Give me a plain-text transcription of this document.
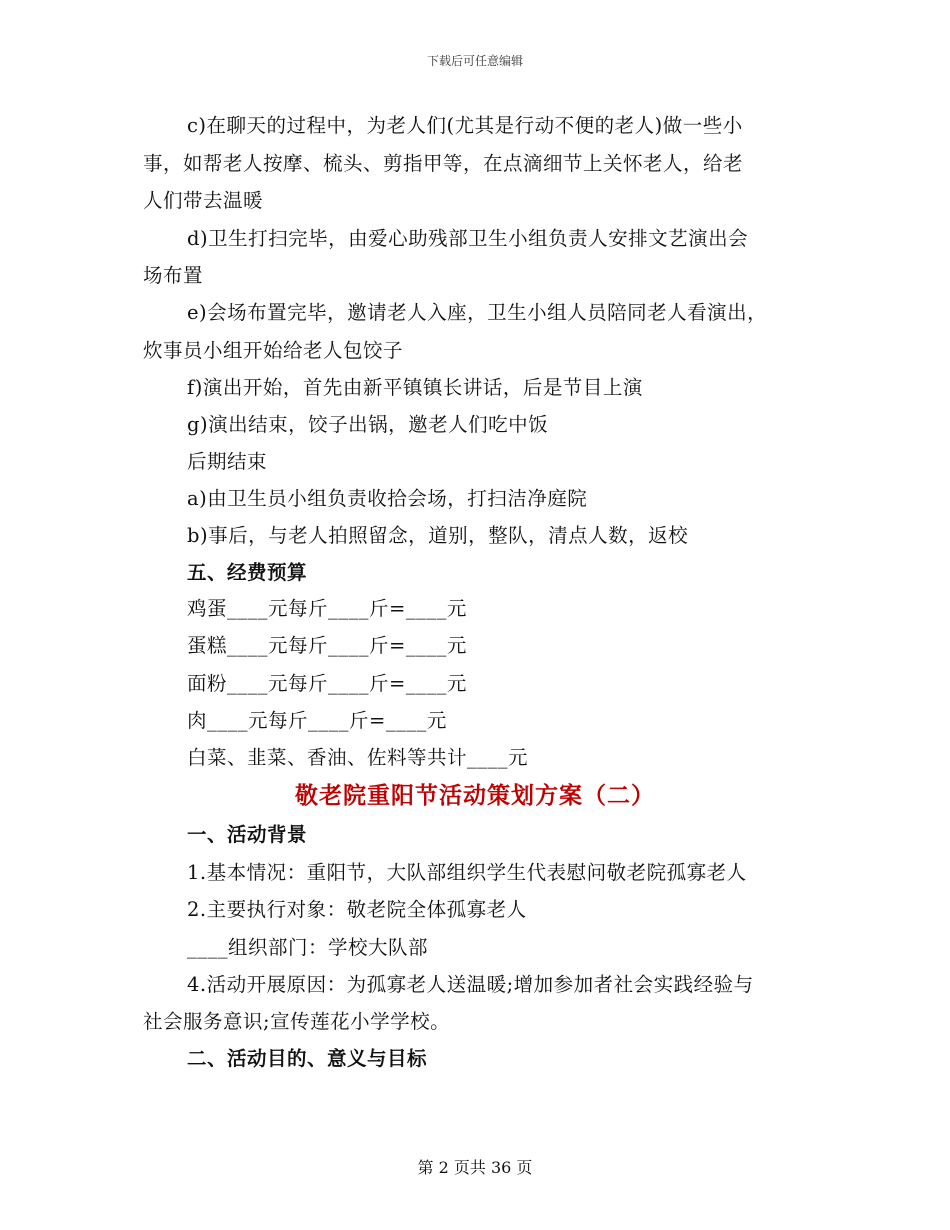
下载后可任意编辑
c)在聊天的过程中，为老人们(尤其是行动不便的老人)做一些小
事，如帮老人按摩、梳头、剪指甲等，在点滴细节上关怀老人，给老
人们带去温暖
d)卫生打扫完毕，由爱心助残部卫生小组负责人安排文艺演出会
场布置
e)会场布置完毕，邀请老人入座，卫生小组人员陪同老人看演出，
炊事员小组开始给老人包饺子
f)演出开始，首先由新平镇镇长讲话，后是节目上演
g)演出结束，饺子出锅，邀老人们吃中饭
后期结束
a)由卫生员小组负责收拾会场，打扫洁净庭院
b)事后，与老人拍照留念，道别，整队，清点人数，返校
五、经费预算
鸡蛋____元每斤____斤=____元
蛋糕____元每斤____斤=____元
面粉____元每斤____斤=____元
肉____元每斤____斤=____元
白菜、韭菜、香油、佐料等共计____元
敬老院重阳节活动策划方案（二）
一、活动背景
1.基本情况：重阳节，大队部组织学生代表慰问敬老院孤寡老人
2.主要执行对象：敬老院全体孤寡老人
____组织部门：学校大队部
4.活动开展原因：为孤寡老人送温暖;增加参加者社会实践经验与
社会服务意识;宣传莲花小学学校。
二、活动目的、意义与目标
第 2 页共 36 页
